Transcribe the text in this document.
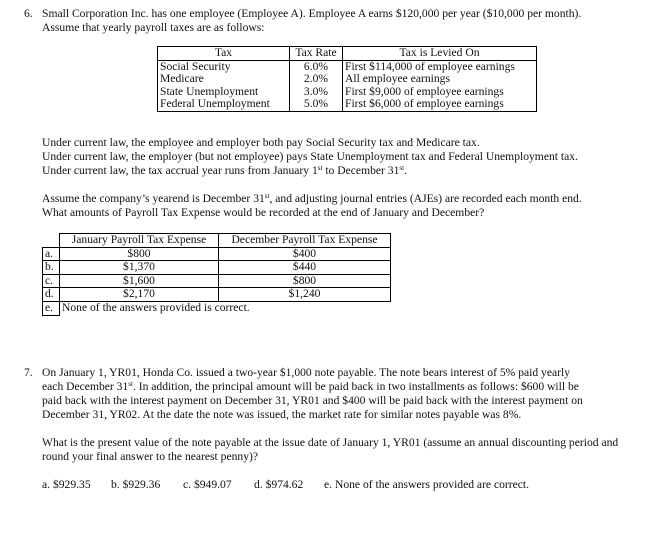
6. Small Corporation Inc. has one employee (Employee A). Employee A earns $120,000 per year ($10,000 per month).
Assume that yearly payroll taxes are as follows:
Tax	Tax Rate	Tax is Levied On
Social Security	6.0%	First $114,000 of employee earnings
Medicare	2.0%	All employee earnings
State Unemployment	3.0%	First $9,000 of employee earnings
Federal Unemployment	5.0%	First $6,000 of employee earnings
Under current law, the employee and employer both pay Social Security tax and Medicare tax.
Under current law, the employer (but not employee) pays State Unemployment tax and Federal Unemployment tax.
Under current law, the tax accrual year runs from January 1st to December 31st.
Assume the company’s yearend is December 31st, and adjusting journal entries (AJEs) are recorded each month end.
What amounts of Payroll Tax Expense would be recorded at the end of January and December?
	January Payroll Tax Expense	December Payroll Tax Expense
a.	$800	$400
b.	$1,370	$440
c.	$1,600	$800
d.	$2,170	$1,240
e.	None of the answers provided is correct.	
7. On January 1, YR01, Honda Co. issued a two-year $1,000 note payable. The note bears interest of 5% paid yearly
each December 31st. In addition, the principal amount will be paid back in two installments as follows: $600 will be
paid back with the interest payment on December 31, YR01 and $400 will be paid back with the interest payment on
December 31, YR02. At the date the note was issued, the market rate for similar notes payable was 8%.
What is the present value of the note payable at the issue date of January 1, YR01 (assume an annual discounting period and
round your final answer to the nearest penny)?
a. $929.35 b. $929.36 c. $949.07 d. $974.62 e. None of the answers provided are correct.
